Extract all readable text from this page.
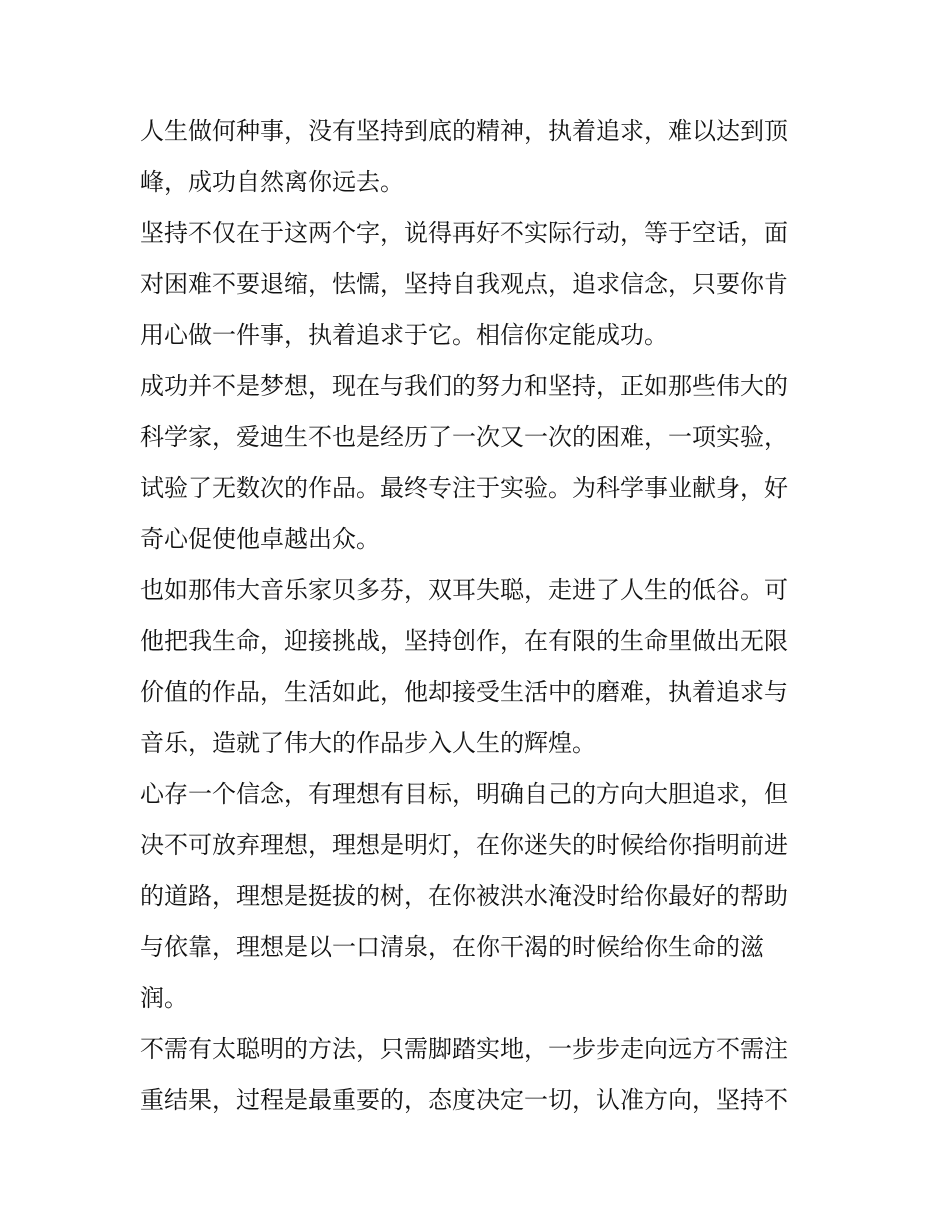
人生做何种事，没有坚持到底的精神，执着追求，难以达到顶
峰，成功自然离你远去。
坚持不仅在于这两个字，说得再好不实际行动，等于空话，面
对困难不要退缩，怯懦，坚持自我观点，追求信念，只要你肯
用心做一件事，执着追求于它。相信你定能成功。
成功并不是梦想，现在与我们的努力和坚持，正如那些伟大的
科学家，爱迪生不也是经历了一次又一次的困难，一项实验，
试验了无数次的作品。最终专注于实验。为科学事业献身，好
奇心促使他卓越出众。
也如那伟大音乐家贝多芬，双耳失聪，走进了人生的低谷。可
他把我生命，迎接挑战，坚持创作，在有限的生命里做出无限
价值的作品，生活如此，他却接受生活中的磨难，执着追求与
音乐，造就了伟大的作品步入人生的辉煌。
心存一个信念，有理想有目标，明确自己的方向大胆追求，但
决不可放弃理想，理想是明灯，在你迷失的时候给你指明前进
的道路，理想是挺拔的树，在你被洪水淹没时给你最好的帮助
与依靠，理想是以一口清泉，在你干渴的时候给你生命的滋
润。
不需有太聪明的方法，只需脚踏实地，一步步走向远方不需注
重结果，过程是最重要的，态度决定一切，认准方向，坚持不
